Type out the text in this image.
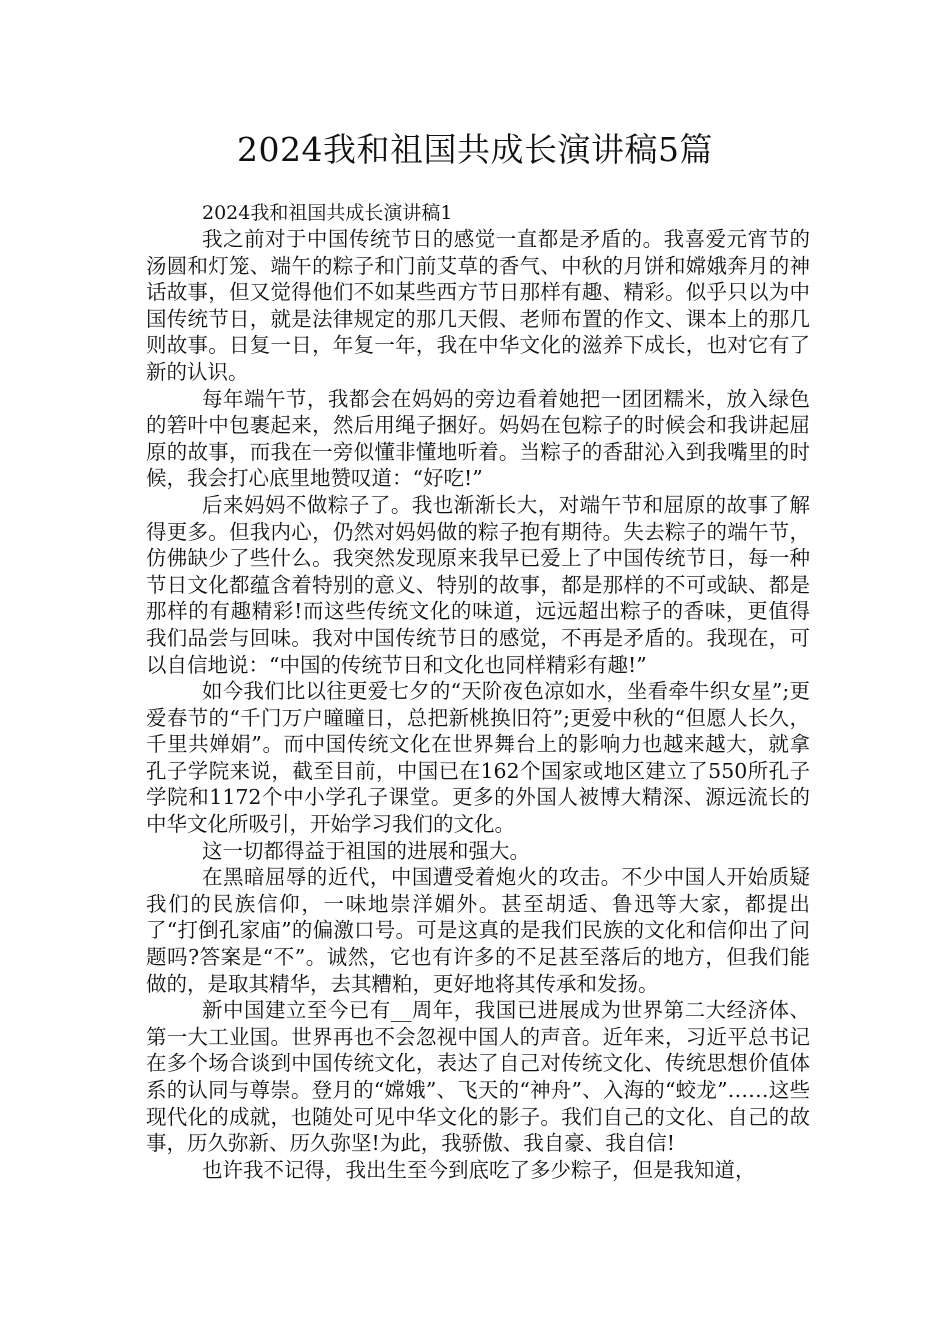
2024我和祖国共成长演讲稿5篇

2024我和祖国共成长演讲稿1

我之前对于中国传统节日的感觉一直都是矛盾的。我喜爱元宵节的汤圆和灯笼、端午的粽子和门前艾草的香气、中秋的月饼和嫦娥奔月的神话故事，但又觉得他们不如某些西方节日那样有趣、精彩。似乎只以为中国传统节日，就是法律规定的那几天假、老师布置的作文、课本上的那几则故事。日复一日，年复一年，我在中华文化的滋养下成长，也对它有了新的认识。

每年端午节，我都会在妈妈的旁边看着她把一团团糯米，放入绿色的箬叶中包裹起来，然后用绳子捆好。妈妈在包粽子的时候会和我讲起屈原的故事，而我在一旁似懂非懂地听着。当粽子的香甜沁入到我嘴里的时候，我会打心底里地赞叹道：“好吃!”

后来妈妈不做粽子了。我也渐渐长大，对端午节和屈原的故事了解得更多。但我内心，仍然对妈妈做的粽子抱有期待。失去粽子的端午节，仿佛缺少了些什么。我突然发现原来我早已爱上了中国传统节日，每一种节日文化都蕴含着特别的意义、特别的故事，都是那样的不可或缺、都是那样的有趣精彩!而这些传统文化的味道，远远超出粽子的香味，更值得我们品尝与回味。我对中国传统节日的感觉，不再是矛盾的。我现在，可以自信地说：“中国的传统节日和文化也同样精彩有趣!”

如今我们比以往更爱七夕的“天阶夜色凉如水，坐看牵牛织女星”;更爱春节的“千门万户曈曈日，总把新桃换旧符”;更爱中秋的“但愿人长久，千里共婵娟”。而中国传统文化在世界舞台上的影响力也越来越大，就拿孔子学院来说，截至目前，中国已在162个国家或地区建立了550所孔子学院和1172个中小学孔子课堂。更多的外国人被博大精深、源远流长的中华文化所吸引，开始学习我们的文化。

这一切都得益于祖国的进展和强大。

在黑暗屈辱的近代，中国遭受着炮火的攻击。不少中国人开始质疑我们的民族信仰，一味地崇洋媚外。甚至胡适、鲁迅等大家，都提出了“打倒孔家庙”的偏激口号。可是这真的是我们民族的文化和信仰出了问题吗?答案是“不”。诚然，它也有许多的不足甚至落后的地方，但我们能做的，是取其精华，去其糟粕，更好地将其传承和发扬。

新中国建立至今已有__周年，我国已进展成为世界第二大经济体、第一大工业国。世界再也不会忽视中国人的声音。近年来，习近平总书记在多个场合谈到中国传统文化，表达了自己对传统文化、传统思想价值体系的认同与尊崇。登月的“嫦娥”、飞天的“神舟”、入海的“蛟龙”……这些现代化的成就，也随处可见中华文化的影子。我们自己的文化、自己的故事，历久弥新、历久弥坚!为此，我骄傲、我自豪、我自信!

也许我不记得，我出生至今到底吃了多少粽子，但是我知道，
